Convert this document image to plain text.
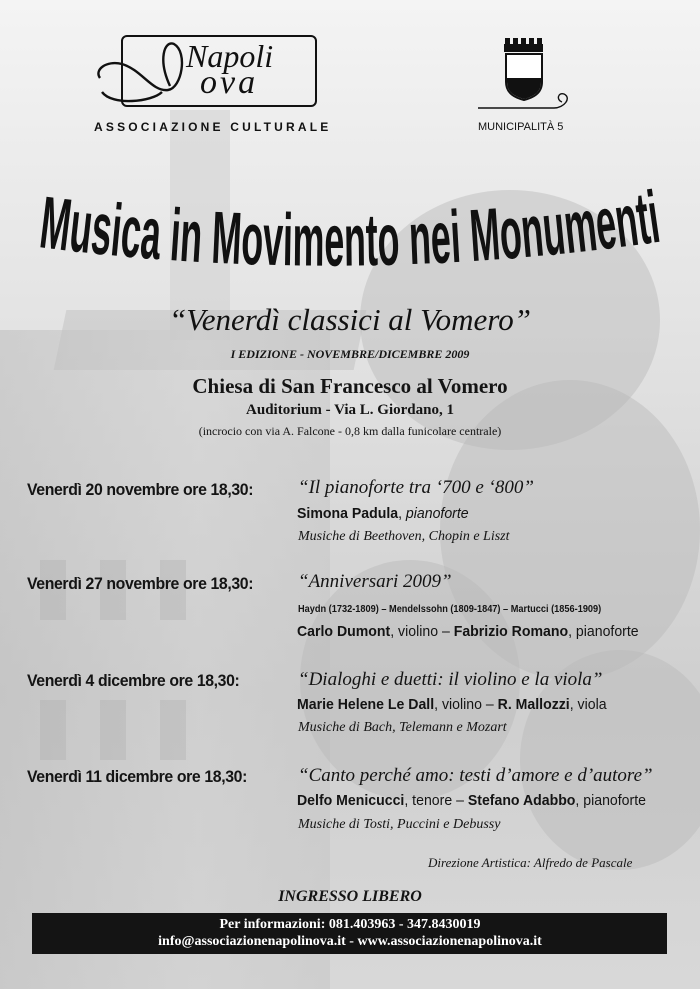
Napoli
ova
ASSOCIAZIONE CULTURALE	MUNICIPALITÀ 5
Musica in Movimento nei Monumenti
“Venerdì classici al Vomero”
I EDIZIONE - NOVEMBRE/DICEMBRE 2009
Chiesa di San Francesco al Vomero
Auditorium - Via L. Giordano, 1
(incrocio con via A. Falcone - 0,8 km dalla funicolare centrale)
Venerdì 20 novembre ore 18,30: “Il pianoforte tra ‘700 e ‘800”
Simona Padula, pianoforte
Musiche di Beethoven, Chopin e Liszt
Venerdì 27 novembre ore 18,30: “Anniversari 2009”
Haydn (1732-1809) – Mendelssohn (1809-1847) – Martucci (1856-1909)
Carlo Dumont, violino – Fabrizio Romano, pianoforte
Venerdì 4 dicembre ore 18,30:	“Dialoghi e duetti: il violino e la viola”
Marie Helene Le Dall, violino – R. Mallozzi, viola
Musiche di Bach, Telemann e Mozart
Venerdì 11 dicembre ore 18,30:	“Canto perché amo: testi d’amore e d’autore”
Delfo Menicucci, tenore – Stefano Adabbo, pianoforte
Musiche di Tosti, Puccini e Debussy
Direzione Artistica: Alfredo de Pascale
INGRESSO LIBERO
Per informazioni: 081.403963 - 347.8430019
info@associazionenapolinova.it - www.associazionenapolinova.it
